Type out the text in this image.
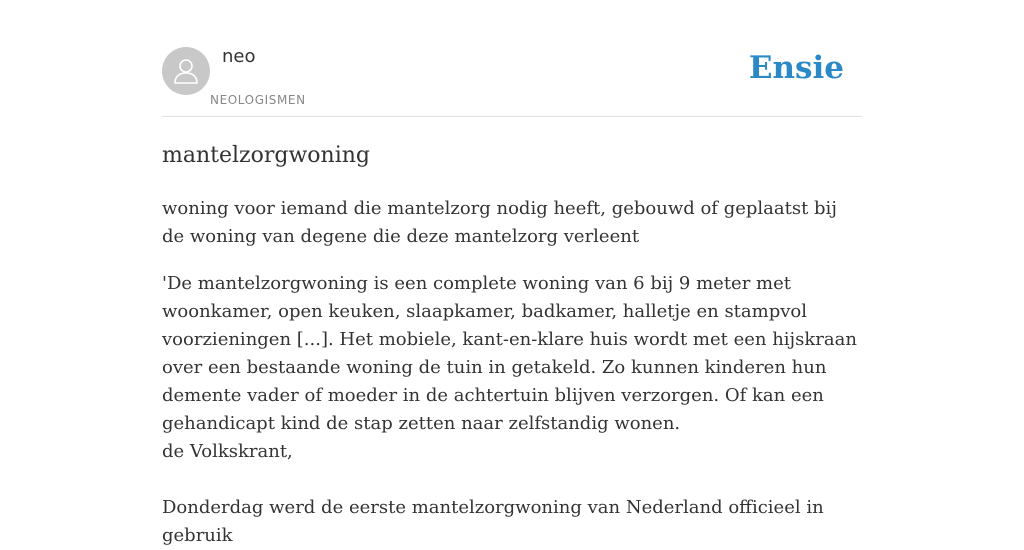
neo
NEOLOGISMEN
Ensie
mantelzorgwoning

woning voor iemand die mantelzorg nodig heeft, gebouwd of geplaatst bij de woning van degene die deze mantelzorg verleent

'De mantelzorgwoning is een complete woning van 6 bij 9 meter met woonkamer, open keuken, slaapkamer, badkamer, halletje en stampvol voorzieningen [...]. Het mobiele, kant-en-klare huis wordt met een hijskraan over een bestaande woning de tuin in getakeld. Zo kunnen kinderen hun demente vader of moeder in de achtertuin blijven verzorgen. Of kan een gehandicapt kind de stap zetten naar zelfstandig wonen.

de Volkskrant,

Donderdag werd de eerste mantelzorgwoning van Nederland officieel in gebruik
